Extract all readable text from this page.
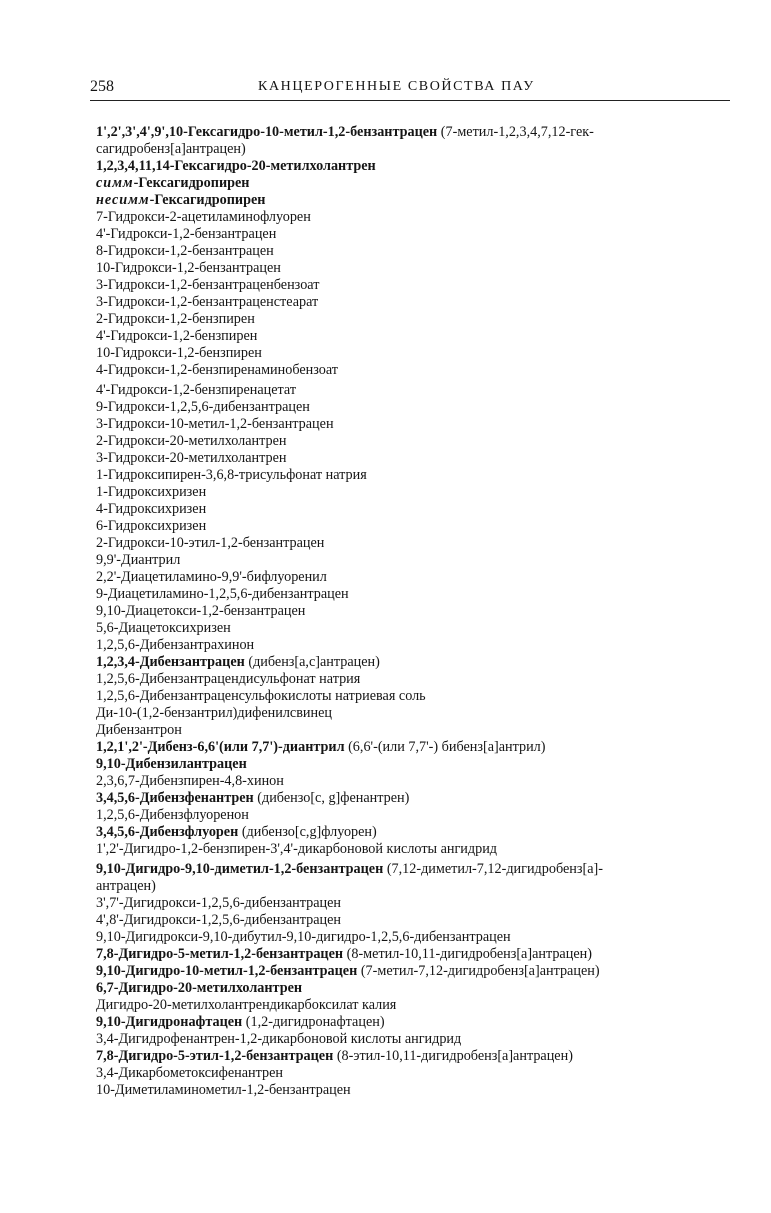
258	КАНЦЕРОГЕННЫЕ СВОЙСТВА ПАУ
1',2',3',4',9',10-Гексагидро-10-метил-1,2-бензантрацен (7-метил-1,2,3,4,7,12-гек-
сагидробенз[a]антрацен)
1,2,3,4,11,14-Гексагидро-20-метилхолантрен
симм-Гексагидропирен
несимм-Гексагидропирен
7-Гидрокси-2-ацетиламинофлуорен
4'-Гидрокси-1,2-бензантрацен
8-Гидрокси-1,2-бензантрацен
10-Гидрокси-1,2-бензантрацен
3-Гидрокси-1,2-бензантраценбензоат
3-Гидрокси-1,2-бензантраценстеарат
2-Гидрокси-1,2-бензпирен
4'-Гидрокси-1,2-бензпирен
10-Гидрокси-1,2-бензпирен
4-Гидрокси-1,2-бензпиренаминобензоат
4'-Гидрокси-1,2-бензпиренацетат
9-Гидрокси-1,2,5,6-дибензантрацен
3-Гидрокси-10-метил-1,2-бензантрацен
2-Гидрокси-20-метилхолантрен
3-Гидрокси-20-метилхолантрен
1-Гидроксипирен-3,6,8-трисульфонат натрия
1-Гидроксихризен
4-Гидроксихризен
6-Гидроксихризен
2-Гидрокси-10-этил-1,2-бензантрацен
9,9'-Диантрил
2,2'-Диацетиламино-9,9'-бифлуоренил
9-Диацетиламино-1,2,5,6-дибензантрацен
9,10-Диацетокси-1,2-бензантрацен
5,6-Диацетоксихризен
1,2,5,6-Дибензантрахинон
1,2,3,4-Дибензантрацен (дибенз[a,c]антрацен)
1,2,5,6-Дибензантрацендисульфонат натрия
1,2,5,6-Дибензантраценсульфокислоты натриевая соль
Ди-10-(1,2-бензантрил)дифенилсвинец
Дибензантрон
1,2,1',2'-Дибенз-6,6'(или 7,7')-диантрил (6,6'-(или 7,7'-) бибенз[a]антрил)
9,10-Дибензилантрацен
2,3,6,7-Дибензпирен-4,8-хинон
3,4,5,6-Дибензфенантрен (дибензо[c, g]фенантрен)
1,2,5,6-Дибензфлуоренон
3,4,5,6-Дибензфлуорен (дибензо[c,g]флуорен)
1',2'-Дигидро-1,2-бензпирен-3',4'-дикарбоновой кислоты ангидрид
9,10-Дигидро-9,10-диметил-1,2-бензантрацен (7,12-диметил-7,12-дигидробенз[a]-
антрацен)
3',7'-Дигидрокси-1,2,5,6-дибензантрацен
4',8'-Дигидрокси-1,2,5,6-дибензантрацен
9,10-Дигидрокси-9,10-дибутил-9,10-дигидро-1,2,5,6-дибензантрацен
7,8-Дигидро-5-метил-1,2-бензантрацен (8-метил-10,11-дигидробенз[a]антрацен)
9,10-Дигидро-10-метил-1,2-бензантрацен (7-метил-7,12-дигидробенз[a]антрацен)
6,7-Дигидро-20-метилхолантрен
Дигидро-20-метилхолантрендикарбоксилат калия
9,10-Дигидронафтацен (1,2-дигидронафтацен)
3,4-Дигидрофенантрен-1,2-дикарбоновой кислоты ангидрид
7,8-Дигидро-5-этил-1,2-бензантрацен (8-этил-10,11-дигидробенз[a]антрацен)
3,4-Дикарбометоксифенантрен
10-Диметиламинометил-1,2-бензантрацен
